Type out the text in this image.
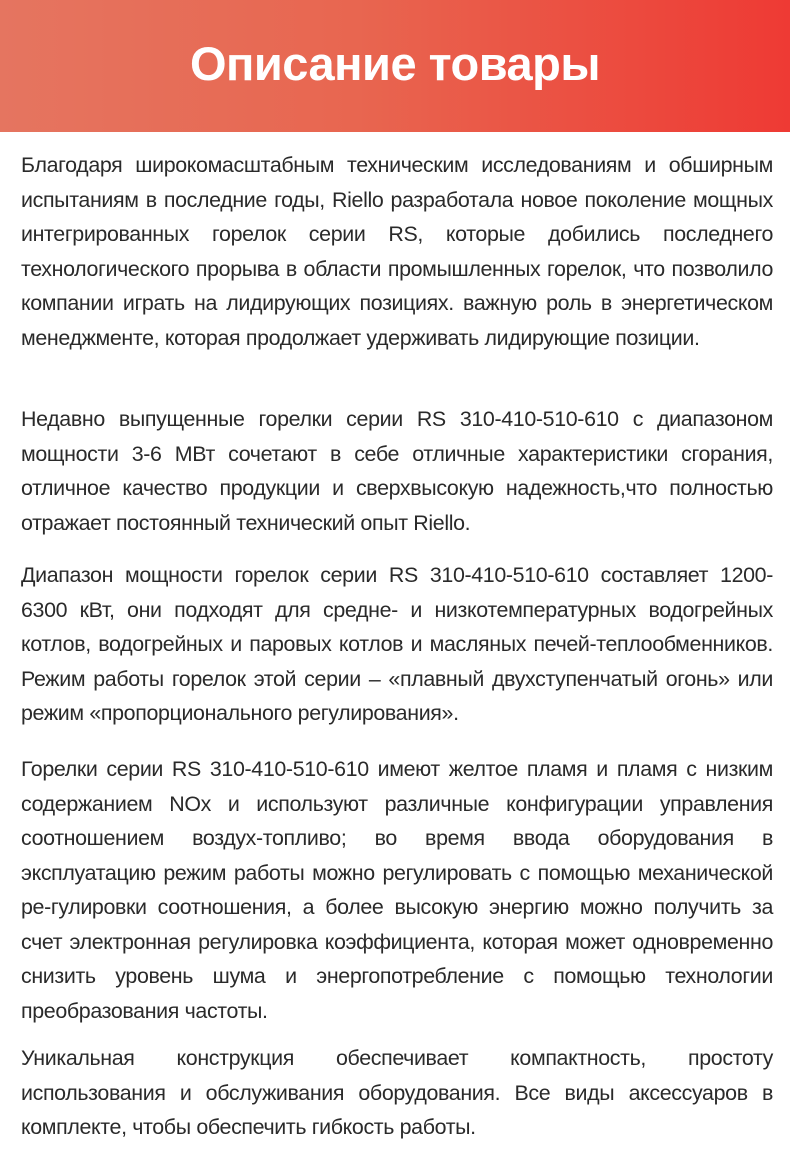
Описание товары

Благодаря широкомасштабным техническим исследованиям и обширным испытаниям в последние годы, Riello разработала новое поколение мощных интегрированных горелок серии RS, которые добились последнего технологического прорыва в области промышленных горелок, что позволило компании играть на лидирующих позициях. важную роль в энергетическом менеджменте, которая продолжает удерживать лидирующие позиции.

Недавно выпущенные горелки серии RS 310-410-510-610 с диапазоном мощности 3-6 МВт сочетают в себе отличные характеристики сгорания, отличное качество продукции и сверхвысокую надежность,что полностью отражает постоянный технический опыт Riello.

Диапазон мощности горелок серии RS 310-410-510-610 составляет 1200-6300 кВт, они подходят для средне- и низкотемпературных водогрейных котлов, водогрейных и паровых котлов и масляных печей-теплообменников. Режим работы горелок этой серии – «плавный двухступенчатый огонь» или режим «пропорционального регулирования».

Горелки серии RS 310-410-510-610 имеют желтое пламя и пламя с низким содержанием NOx и используют различные конфигурации управления соотношением воздух-топливо; во время ввода оборудования в эксплуатацию режим работы можно регулировать с помощью механической ре-гулировки соотношения, а более высокую энергию можно получить за счет электронная регулировка коэффициента, которая может одновременно снизить уровень шума и энергопотребление с помощью технологии преобразования частоты.

Уникальная конструкция обеспечивает компактность, простоту использования и обслуживания оборудования. Все виды аксессуаров в комплекте, чтобы обеспечить гибкость работы.
